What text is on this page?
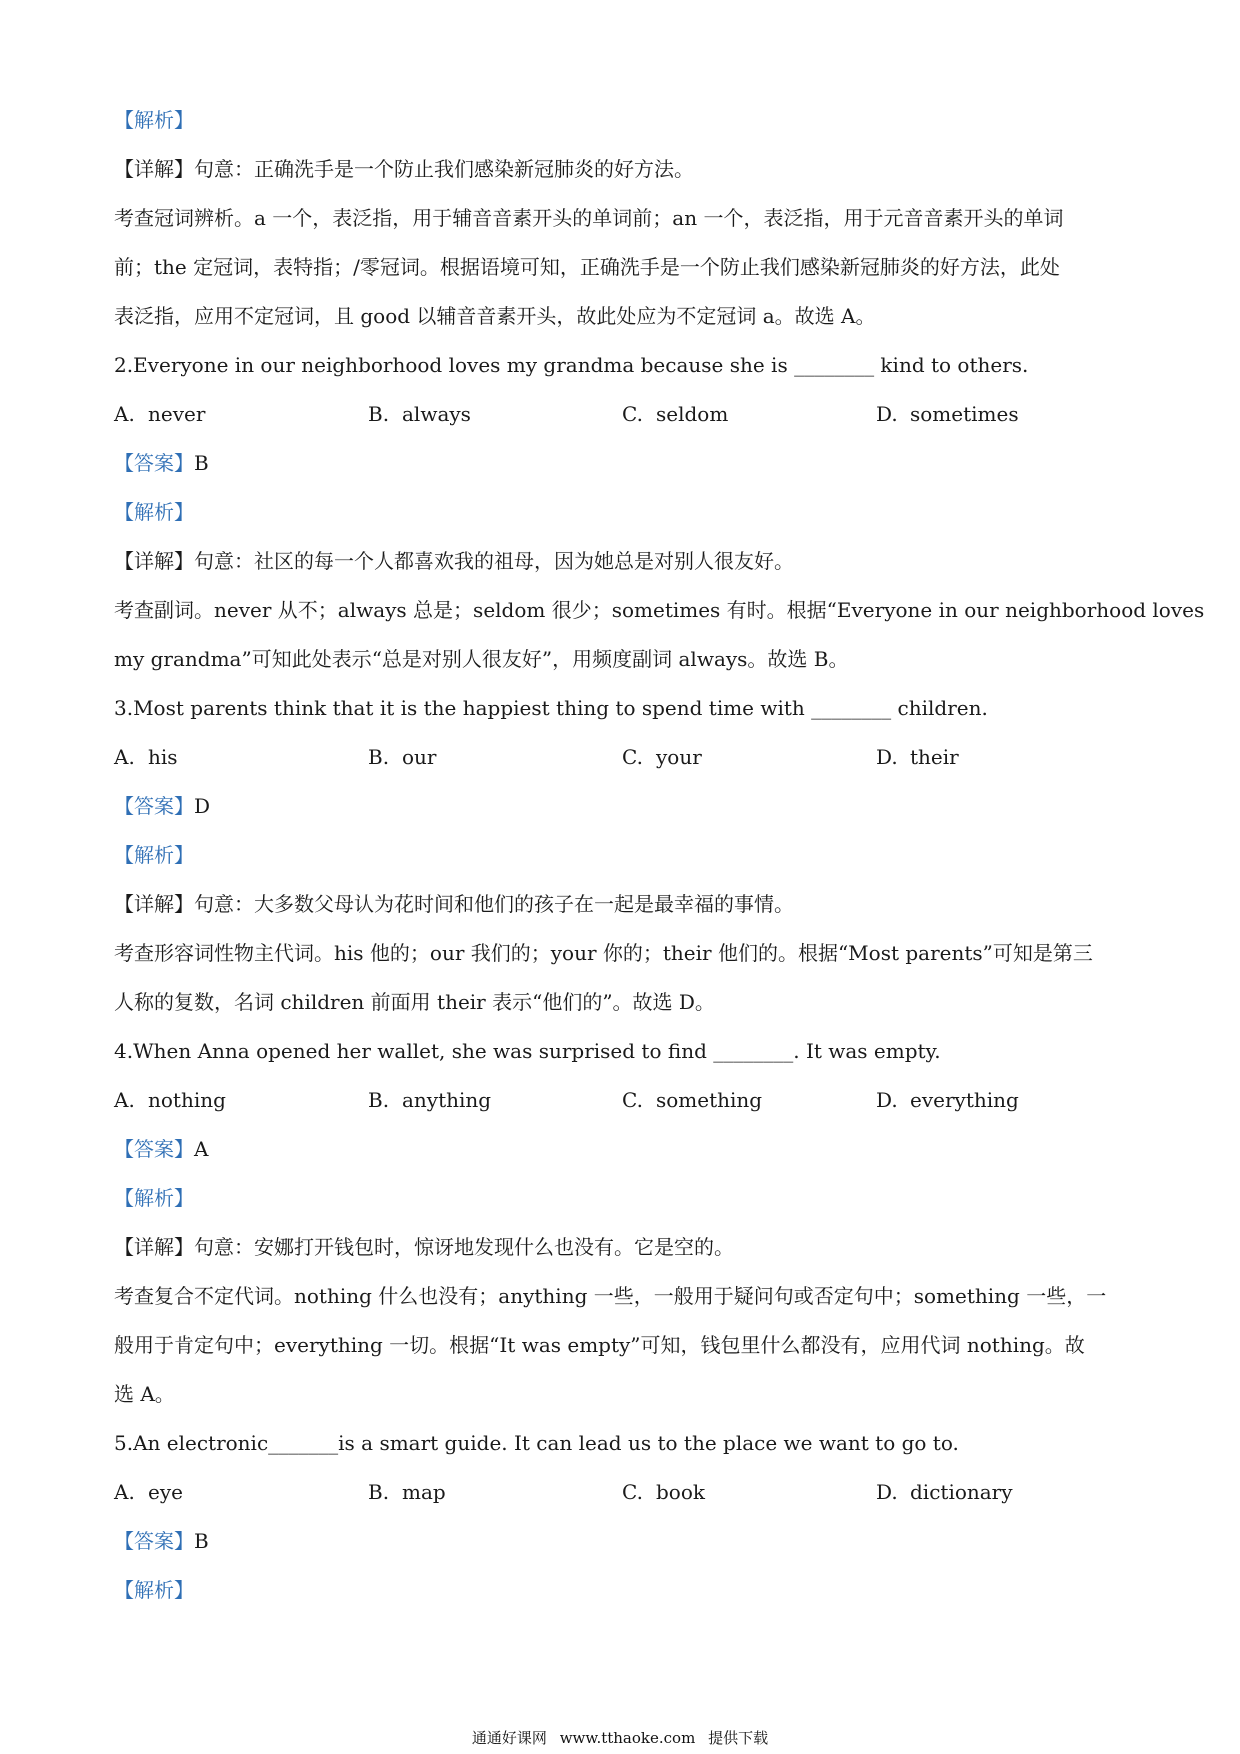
【解析】
【详解】句意：正确洗手是一个防止我们感染新冠肺炎的好方法。
考查冠词辨析。a 一个，表泛指，用于辅音音素开头的单词前；an 一个，表泛指，用于元音音素开头的单词
前；the 定冠词，表特指；/零冠词。根据语境可知，正确洗手是一个防止我们感染新冠肺炎的好方法，此处
表泛指，应用不定冠词，且 good 以辅音音素开头，故此处应为不定冠词 a。故选 A。
2.Everyone in our neighborhood loves my grandma because she is ________ kind to others.
A. never	B. always	C. seldom	D. sometimes
【答案】B
【解析】
【详解】句意：社区的每一个人都喜欢我的祖母，因为她总是对别人很友好。
考查副词。never 从不；always 总是；seldom 很少；sometimes 有时。根据“Everyone in our neighborhood loves
my grandma”可知此处表示“总是对别人很友好”，用频度副词 always。故选 B。
3.Most parents think that it is the happiest thing to spend time with ________ children.
A. his	B. our	C. your	D. their
【答案】D
【解析】
【详解】句意：大多数父母认为花时间和他们的孩子在一起是最幸福的事情。
考查形容词性物主代词。his 他的；our 我们的；your 你的；their 他们的。根据“Most parents”可知是第三
人称的复数，名词 children 前面用 their 表示“他们的”。故选 D。
4.When Anna opened her wallet, she was surprised to find ________. It was empty.
A. nothing	B. anything	C. something	D. everything
【答案】A
【解析】
【详解】句意：安娜打开钱包时，惊讶地发现什么也没有。它是空的。
考查复合不定代词。nothing 什么也没有；anything 一些，一般用于疑问句或否定句中；something 一些，一
般用于肯定句中；everything 一切。根据“It was empty”可知，钱包里什么都没有，应用代词 nothing。故
选 A。
5.An electronic_______is a smart guide. It can lead us to the place we want to go to.
A. eye	B. map	C. book	D. dictionary
【答案】B
【解析】
通通好课网 www.tthaoke.com 提供下载
